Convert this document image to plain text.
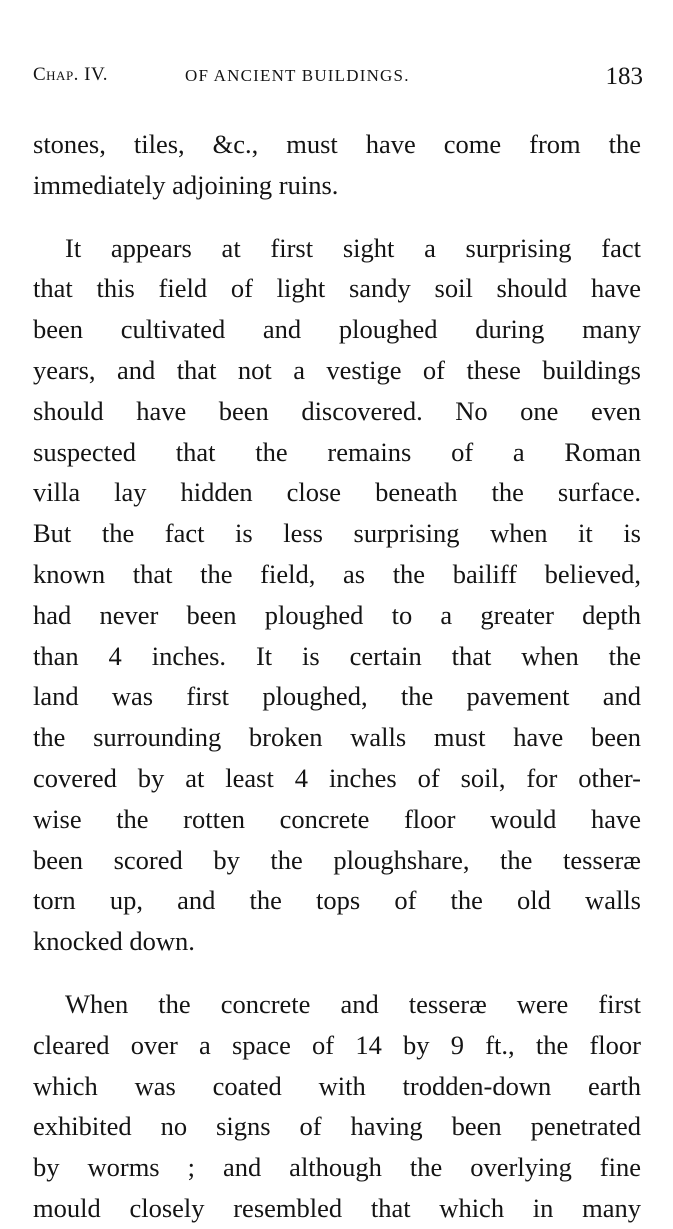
Chap. IV.	OF ANCIENT BUILDINGS.	183
stones, tiles, &c., must have come from the
immediately adjoining ruins.
It appears at first sight a surprising fact
that this field of light sandy soil should have
been cultivated and ploughed during many
years, and that not a vestige of these buildings
should have been discovered. No one even
suspected that the remains of a Roman
villa lay hidden close beneath the surface.
But the fact is less surprising when it is
known that the field, as the bailiff believed,
had never been ploughed to a greater depth
than 4 inches. It is certain that when the
land was first ploughed, the pavement and
the surrounding broken walls must have been
covered by at least 4 inches of soil, for other-
wise the rotten concrete floor would have
been scored by the ploughshare, the tesseræ
torn up, and the tops of the old walls
knocked down.
When the concrete and tesseræ were first
cleared over a space of 14 by 9 ft., the floor
which was coated with trodden-down earth
exhibited no signs of having been penetrated
by worms ; and although the overlying fine
mould closely resembled that which in many
